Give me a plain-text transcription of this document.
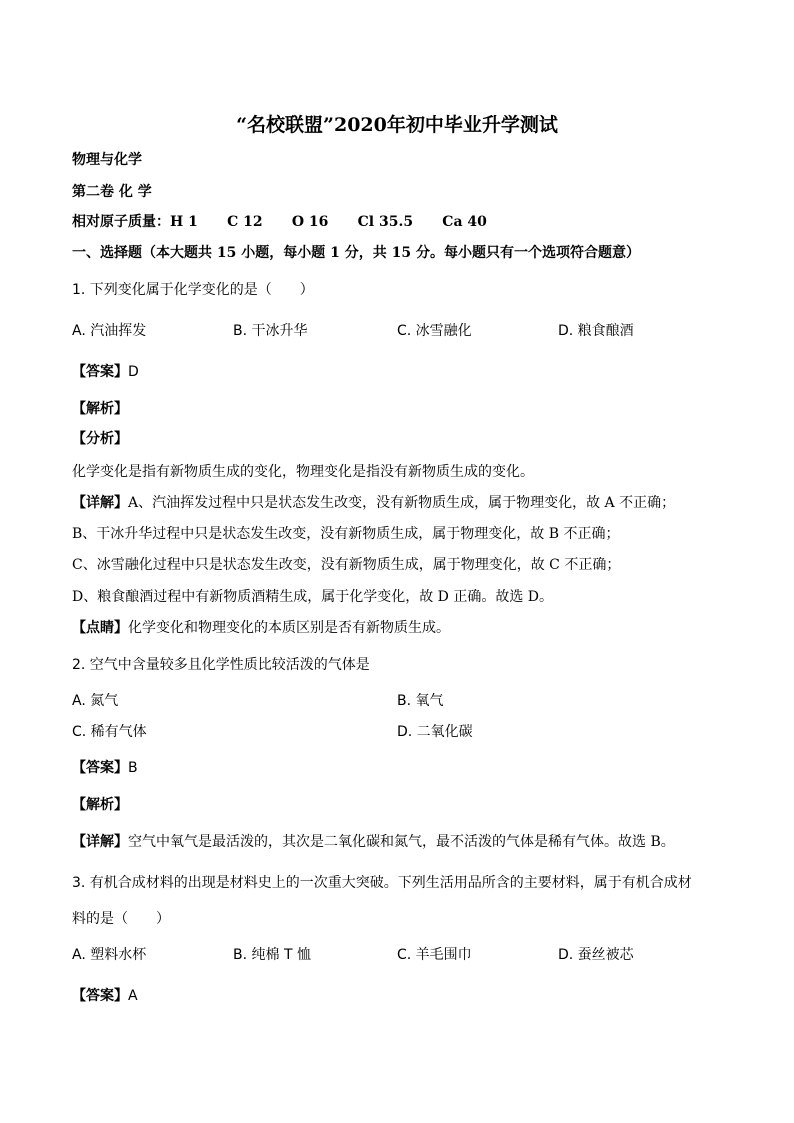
“名校联盟”2020年初中毕业升学测试
物理与化学
第二卷 化 学
相对原子质量：H 1      C 12      O 16      Cl 35.5      Ca 40
一、选择题（本大题共 15 小题，每小题 1 分，共 15 分。每小题只有一个选项符合题意）
1. 下列变化属于化学变化的是（　　）
A. 汽油挥发	B. 干冰升华	C. 冰雪融化	D. 粮食酿酒
【答案】D
【解析】
【分析】
化学变化是指有新物质生成的变化，物理变化是指没有新物质生成的变化。
【详解】A、汽油挥发过程中只是状态发生改变，没有新物质生成，属于物理变化，故 A 不正确；
B、干冰升华过程中只是状态发生改变，没有新物质生成，属于物理变化，故 B 不正确；
C、冰雪融化过程中只是状态发生改变，没有新物质生成，属于物理变化，故 C 不正确；
D、粮食酿酒过程中有新物质酒精生成，属于化学变化，故 D 正确。故选 D。
【点睛】化学变化和物理变化的本质区别是否有新物质生成。
2. 空气中含量较多且化学性质比较活泼的气体是
A. 氮气	B. 氧气
C. 稀有气体	D. 二氧化碳
【答案】B
【解析】
【详解】空气中氧气是最活泼的，其次是二氧化碳和氮气，最不活泼的气体是稀有气体。故选 B。
3. 有机合成材料的出现是材料史上的一次重大突破。下列生活用品所含的主要材料，属于有机合成材
料的是（　　）
A. 塑料水杯	B. 纯棉 T 恤	C. 羊毛围巾	D. 蚕丝被芯
【答案】A
